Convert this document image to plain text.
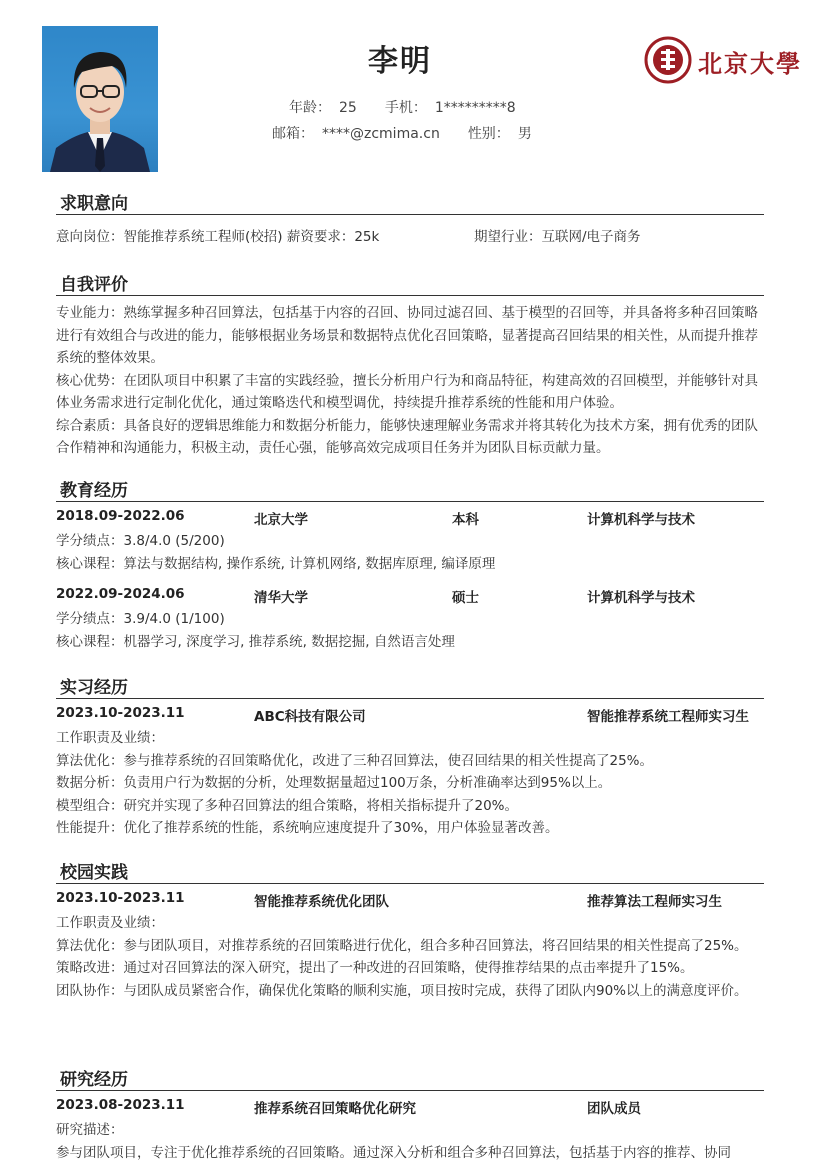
李明
年龄： 25 手机： 1*********8
邮箱： ****@zcmima.cn 性别： 男
北京大學
求职意向
意向岗位：智能推荐系统工程师(校招) 薪资要求：25k	期望行业：互联网/电子商务
自我评价

专业能力：熟练掌握多种召回算法，包括基于内容的召回、协同过滤召回、基于模型的召回等，并具备将多种召回策略进行有效组合与改进的能力，能够根据业务场景和数据特点优化召回策略，显著提高召回结果的相关性，从而提升推荐系统的整体效果。

核心优势：在团队项目中积累了丰富的实践经验，擅长分析用户行为和商品特征，构建高效的召回模型，并能够针对具体业务需求进行定制化优化，通过策略迭代和模型调优，持续提升推荐系统的性能和用户体验。

综合素质：具备良好的逻辑思维能力和数据分析能力，能够快速理解业务需求并将其转化为技术方案，拥有优秀的团队合作精神和沟通能力，积极主动，责任心强，能够高效完成项目任务并为团队目标贡献力量。

教育经历
2018.09-2022.06	北京大学	本科	计算机科学与技术

学分绩点：3.8/4.0 (5/200)

核心课程：算法与数据结构, 操作系统, 计算机网络, 数据库原理, 编译原理

2022.09-2024.06	清华大学	硕士	计算机科学与技术

学分绩点：3.9/4.0 (1/100)

核心课程：机器学习, 深度学习, 推荐系统, 数据挖掘, 自然语言处理

实习经历
2023.10-2023.11	ABC科技有限公司	智能推荐系统工程师实习生

工作职责及业绩：

算法优化：参与推荐系统的召回策略优化，改进了三种召回算法，使召回结果的相关性提高了25%。

数据分析：负责用户行为数据的分析，处理数据量超过100万条，分析准确率达到95%以上。

模型组合：研究并实现了多种召回算法的组合策略，将相关指标提升了20%。

性能提升：优化了推荐系统的性能，系统响应速度提升了30%，用户体验显著改善。

校园实践
2023.10-2023.11	智能推荐系统优化团队	推荐算法工程师实习生

工作职责及业绩：

算法优化：参与团队项目，对推荐系统的召回策略进行优化，组合多种召回算法，将召回结果的相关性提高了25%。

策略改进：通过对召回算法的深入研究，提出了一种改进的召回策略，使得推荐结果的点击率提升了15%。

团队协作：与团队成员紧密合作，确保优化策略的顺利实施，项目按时完成，获得了团队内90%以上的满意度评价。

研究经历
2023.08-2023.11	推荐系统召回策略优化研究	团队成员

研究描述：

参与团队项目，专注于优化推荐系统的召回策略。通过深入分析和组合多种召回算法，包括基于内容的推荐、协同
